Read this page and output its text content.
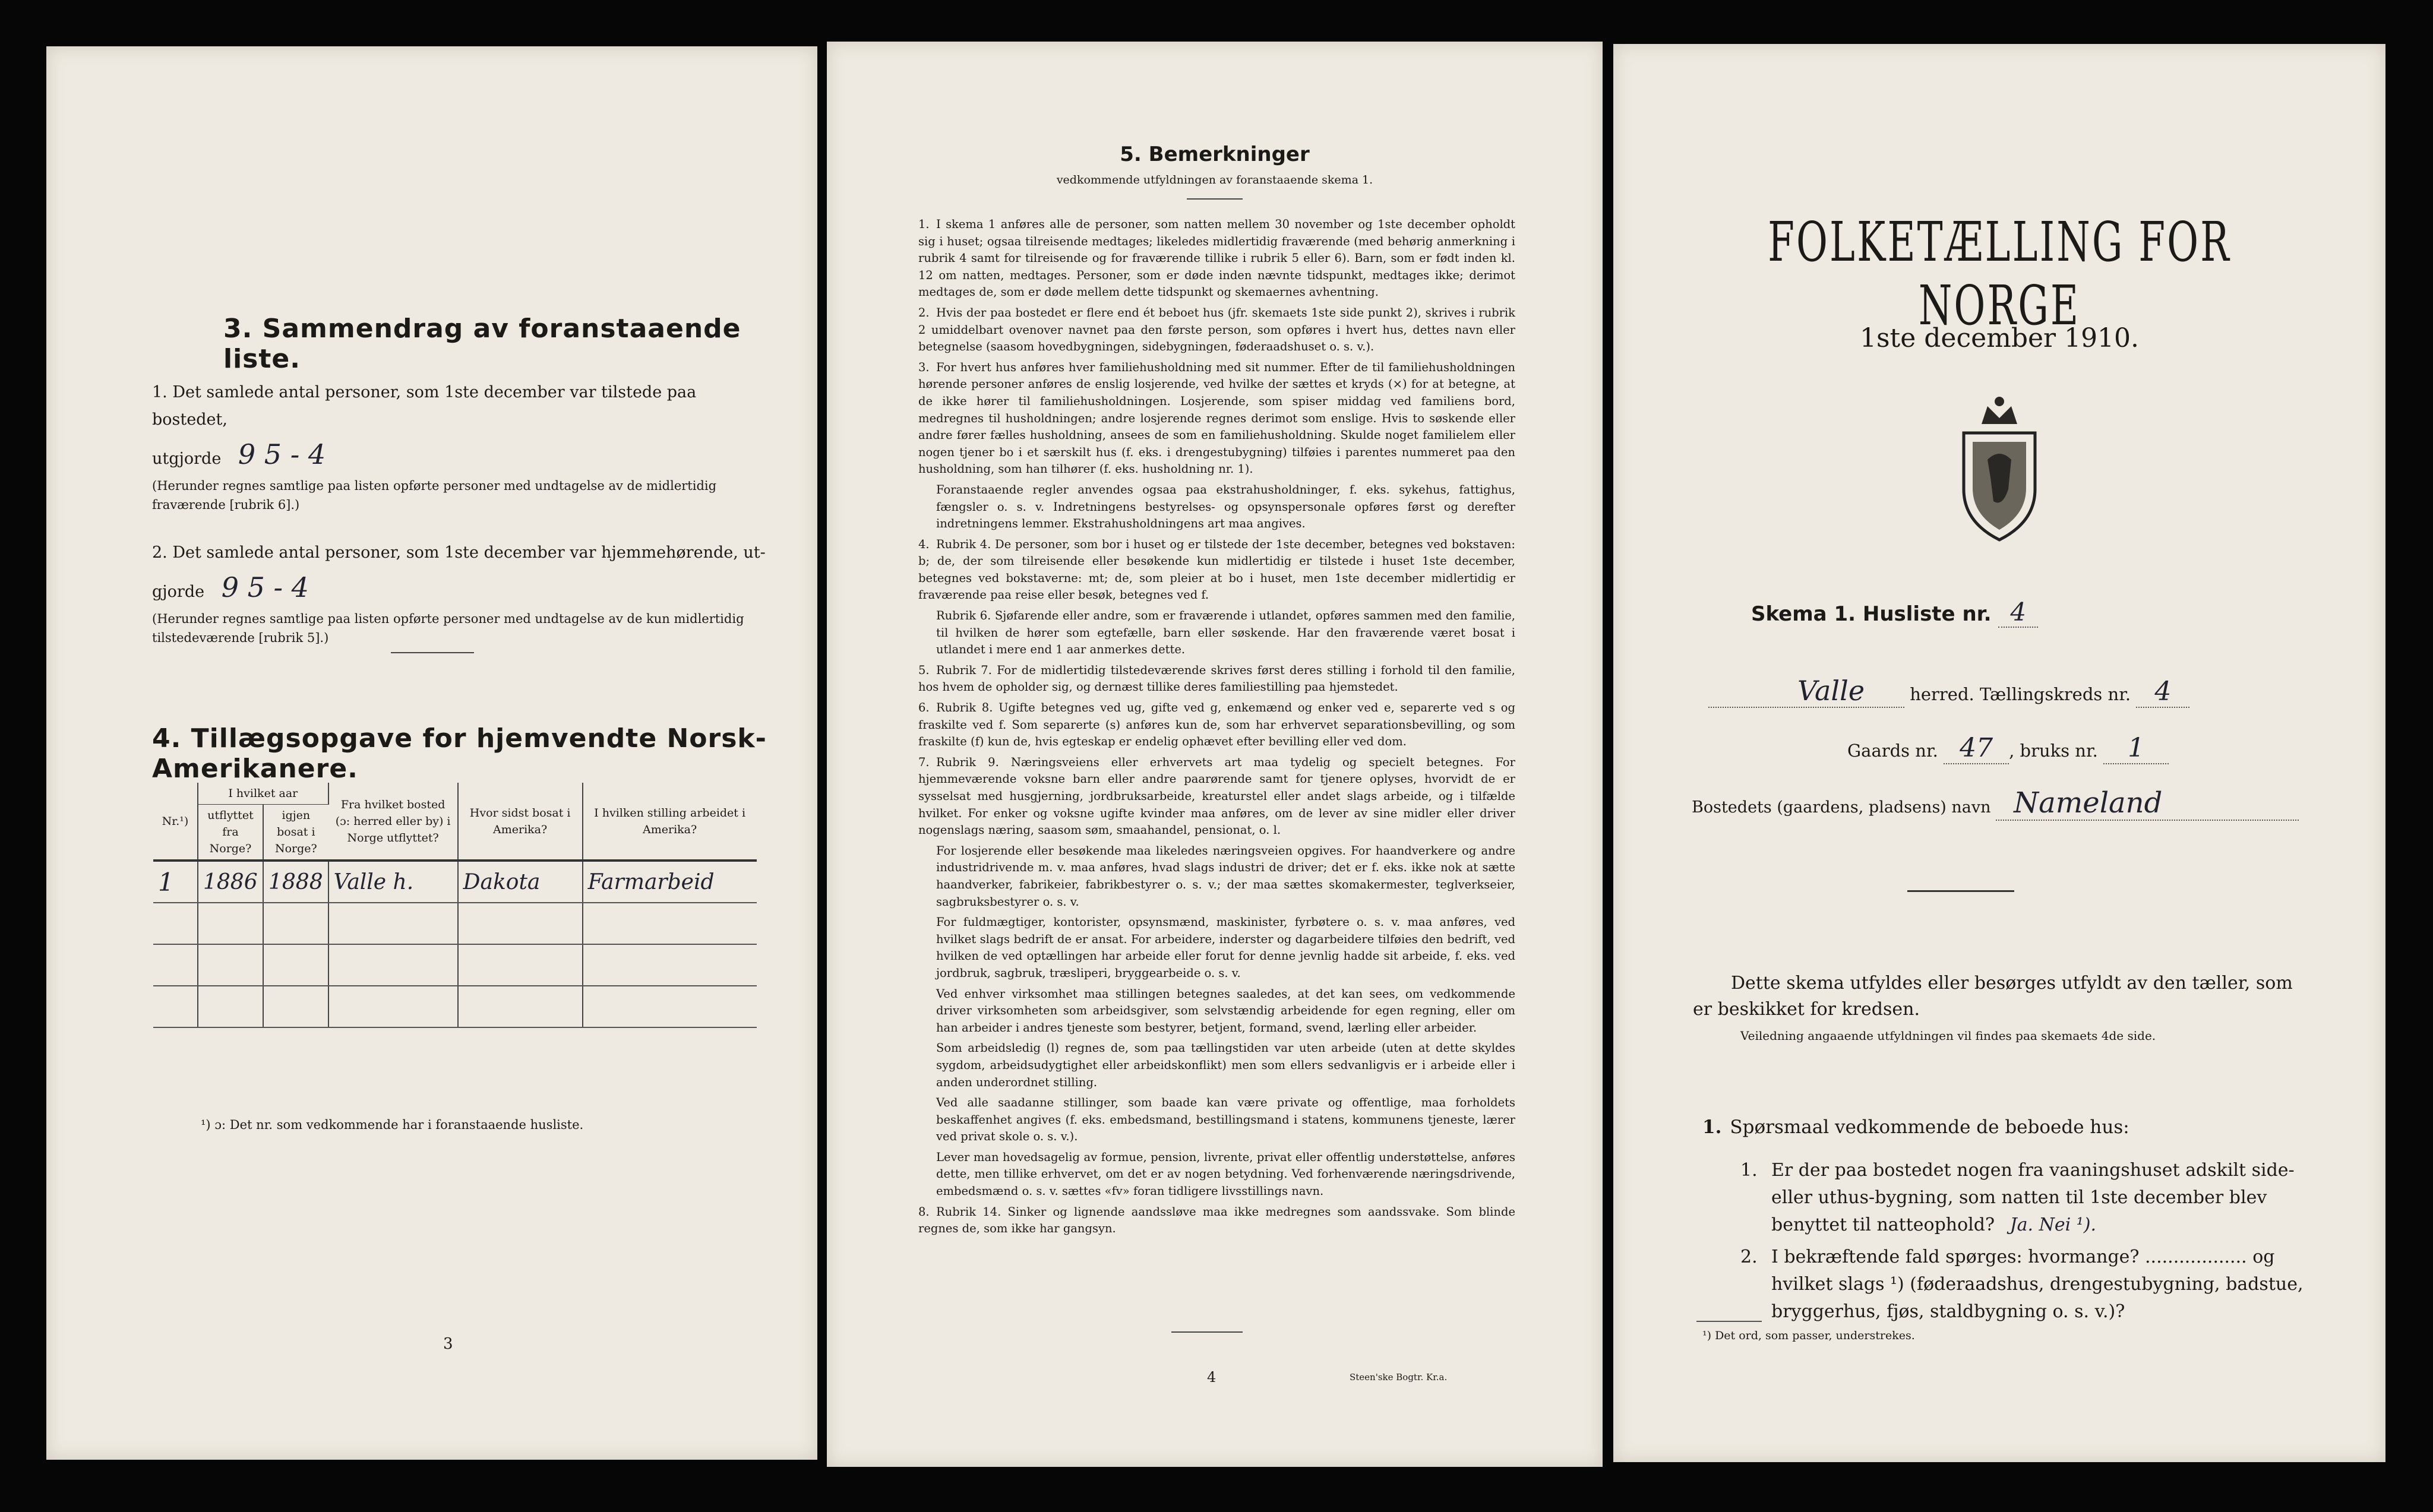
3. Sammendrag av foranstaaende liste.
1. Det samlede antal personer, som 1ste december var tilstede paa bostedet,
utgjorde 9 5 - 4
(Herunder regnes samtlige paa listen opførte personer med undtagelse av de midlertidig fraværende [rubrik 6].)
2. Det samlede antal personer, som 1ste december var hjemmehørende, ut-
gjorde 9 5 - 4
(Herunder regnes samtlige paa listen opførte personer med undtagelse av de kun midlertidig tilstedeværende [rubrik 5].)
4. Tillægsopgave for hjemvendte Norsk-Amerikanere.
Nr.¹)	I hvilket aar		Fra hvilket bosted (ɔ: herred eller by) i Norge utflyttet?	Hvor sidst bosat i Amerika?	I hvilken stilling arbeidet i Amerika?
	utflyttet fra Norge?	igjen bosat i Norge?			
1	1886	1888	Valle h.	Dakota	Farmarbeid

¹) ɔ: Det nr. som vedkommende har i foranstaaende husliste.
3
5. Bemerkninger
vedkommende utfyldningen av foranstaaende skema 1.

1. I skema 1 anføres alle de personer, som natten mellem 30 november og 1ste december opholdt sig i huset; ogsaa tilreisende medtages; likeledes midlertidig fraværende (med behørig anmerkning i rubrik 4 samt for tilreisende og for fraværende tillike i rubrik 5 eller 6). Barn, som er født inden kl. 12 om natten, medtages. Personer, som er døde inden nævnte tidspunkt, medtages ikke; derimot medtages de, som er døde mellem dette tidspunkt og skemaernes avhentning.

2. Hvis der paa bostedet er flere end ét beboet hus (jfr. skemaets 1ste side punkt 2), skrives i rubrik 2 umiddelbart ovenover navnet paa den første person, som opføres i hvert hus, dettes navn eller betegnelse (saasom hovedbygningen, sidebygningen, føderaadshuset o. s. v.).

3. For hvert hus anføres hver familiehusholdning med sit nummer. Efter de til familiehusholdningen hørende personer anføres de enslig losjerende, ved hvilke der sættes et kryds (×) for at betegne, at de ikke hører til familiehusholdningen. Losjerende, som spiser middag ved familiens bord, medregnes til husholdningen; andre losjerende regnes derimot som enslige. Hvis to søskende eller andre fører fælles husholdning, ansees de som en familiehusholdning. Skulde noget familielem eller nogen tjener bo i et særskilt hus (f. eks. i drengestubygning) tilføies i parentes nummeret paa den husholdning, som han tilhører (f. eks. husholdning nr. 1).

Foranstaaende regler anvendes ogsaa paa ekstrahusholdninger, f. eks. sykehus, fattighus, fængsler o. s. v. Indretningens bestyrelses- og opsynspersonale opføres først og derefter indretningens lemmer. Ekstrahusholdningens art maa angives.

4. Rubrik 4. De personer, som bor i huset og er tilstede der 1ste december, betegnes ved bokstaven: b; de, der som tilreisende eller besøkende kun midlertidig er tilstede i huset 1ste december, betegnes ved bokstaverne: mt; de, som pleier at bo i huset, men 1ste december midlertidig er fraværende paa reise eller besøk, betegnes ved f.

Rubrik 6. Sjøfarende eller andre, som er fraværende i utlandet, opføres sammen med den familie, til hvilken de hører som egtefælle, barn eller søskende. Har den fraværende været bosat i utlandet i mere end 1 aar anmerkes dette.

5. Rubrik 7. For de midlertidig tilstedeværende skrives først deres stilling i forhold til den familie, hos hvem de opholder sig, og dernæst tillike deres familiestilling paa hjemstedet.

6. Rubrik 8. Ugifte betegnes ved ug, gifte ved g, enkemænd og enker ved e, separerte ved s og fraskilte ved f. Som separerte (s) anføres kun de, som har erhvervet separationsbevilling, og som fraskilte (f) kun de, hvis egteskap er endelig ophævet efter bevilling eller ved dom.

7. Rubrik 9. Næringsveiens eller erhvervets art maa tydelig og specielt betegnes. For hjemmeværende voksne barn eller andre paarørende samt for tjenere oplyses, hvorvidt de er sysselsat med husgjerning, jordbruksarbeide, kreaturstel eller andet slags arbeide, og i tilfælde hvilket. For enker og voksne ugifte kvinder maa anføres, om de lever av sine midler eller driver nogenslags næring, saasom søm, smaahandel, pensionat, o. l.

For losjerende eller besøkende maa likeledes næringsveien opgives. For haandverkere og andre industridrivende m. v. maa anføres, hvad slags industri de driver; det er f. eks. ikke nok at sætte haandverker, fabrikeier, fabrikbestyrer o. s. v.; der maa sættes skomakermester, teglverkseier, sagbruksbestyrer o. s. v.

For fuldmægtiger, kontorister, opsynsmænd, maskinister, fyrbøtere o. s. v. maa anføres, ved hvilket slags bedrift de er ansat. For arbeidere, inderster og dagarbeidere tilføies den bedrift, ved hvilken de ved optællingen har arbeide eller forut for denne jevnlig hadde sit arbeide, f. eks. ved jordbruk, sagbruk, træsliperi, bryggearbeide o. s. v.

Ved enhver virksomhet maa stillingen betegnes saaledes, at det kan sees, om vedkommende driver virksomheten som arbeidsgiver, som selvstændig arbeidende for egen regning, eller om han arbeider i andres tjeneste som bestyrer, betjent, formand, svend, lærling eller arbeider.

Som arbeidsledig (l) regnes de, som paa tællingstiden var uten arbeide (uten at dette skyldes sygdom, arbeidsudygtighet eller arbeidskonflikt) men som ellers sedvanligvis er i arbeide eller i anden underordnet stilling.

Ved alle saadanne stillinger, som baade kan være private og offentlige, maa forholdets beskaffenhet angives (f. eks. embedsmand, bestillingsmand i statens, kommunens tjeneste, lærer ved privat skole o. s. v.).

Lever man hovedsagelig av formue, pension, livrente, privat eller offentlig understøttelse, anføres dette, men tillike erhvervet, om det er av nogen betydning. Ved forhenværende næringsdrivende, embedsmænd o. s. v. sættes «fv» foran tidligere livsstillings navn.

8. Rubrik 14. Sinker og lignende aandssløve maa ikke medregnes som aandssvake. Som blinde regnes de, som ikke har gangsyn.

4	Steen'ske Bogtr. Kr.a.
FOLKETÆLLING FOR NORGE
1ste december 1910.
Skema 1. Husliste nr. 4
Valle	herred. Tællingskreds nr. 4
Gaards nr. 47 , bruks nr. 1
Bostedets (gaardens, pladsens) navn Nameland
Dette skema utfyldes eller besørges utfyldt av den tæller, som er beskikket for kredsen.
Veiledning angaaende utfyldningen vil findes paa skemaets 4de side.
1. Spørsmaal vedkommende de beboede hus:
1. Er der paa bostedet nogen fra vaaningshuset adskilt side- eller uthus-bygning, som natten til 1ste december blev benyttet til natteophold? Ja. Nei ¹).
2. I bekræftende fald spørges: hvormange? .................. og hvilket slags ¹) (føderaadshus, drengestubygning, badstue, bryggerhus, fjøs, staldbygning o. s. v.)?
¹) Det ord, som passer, understrekes.
